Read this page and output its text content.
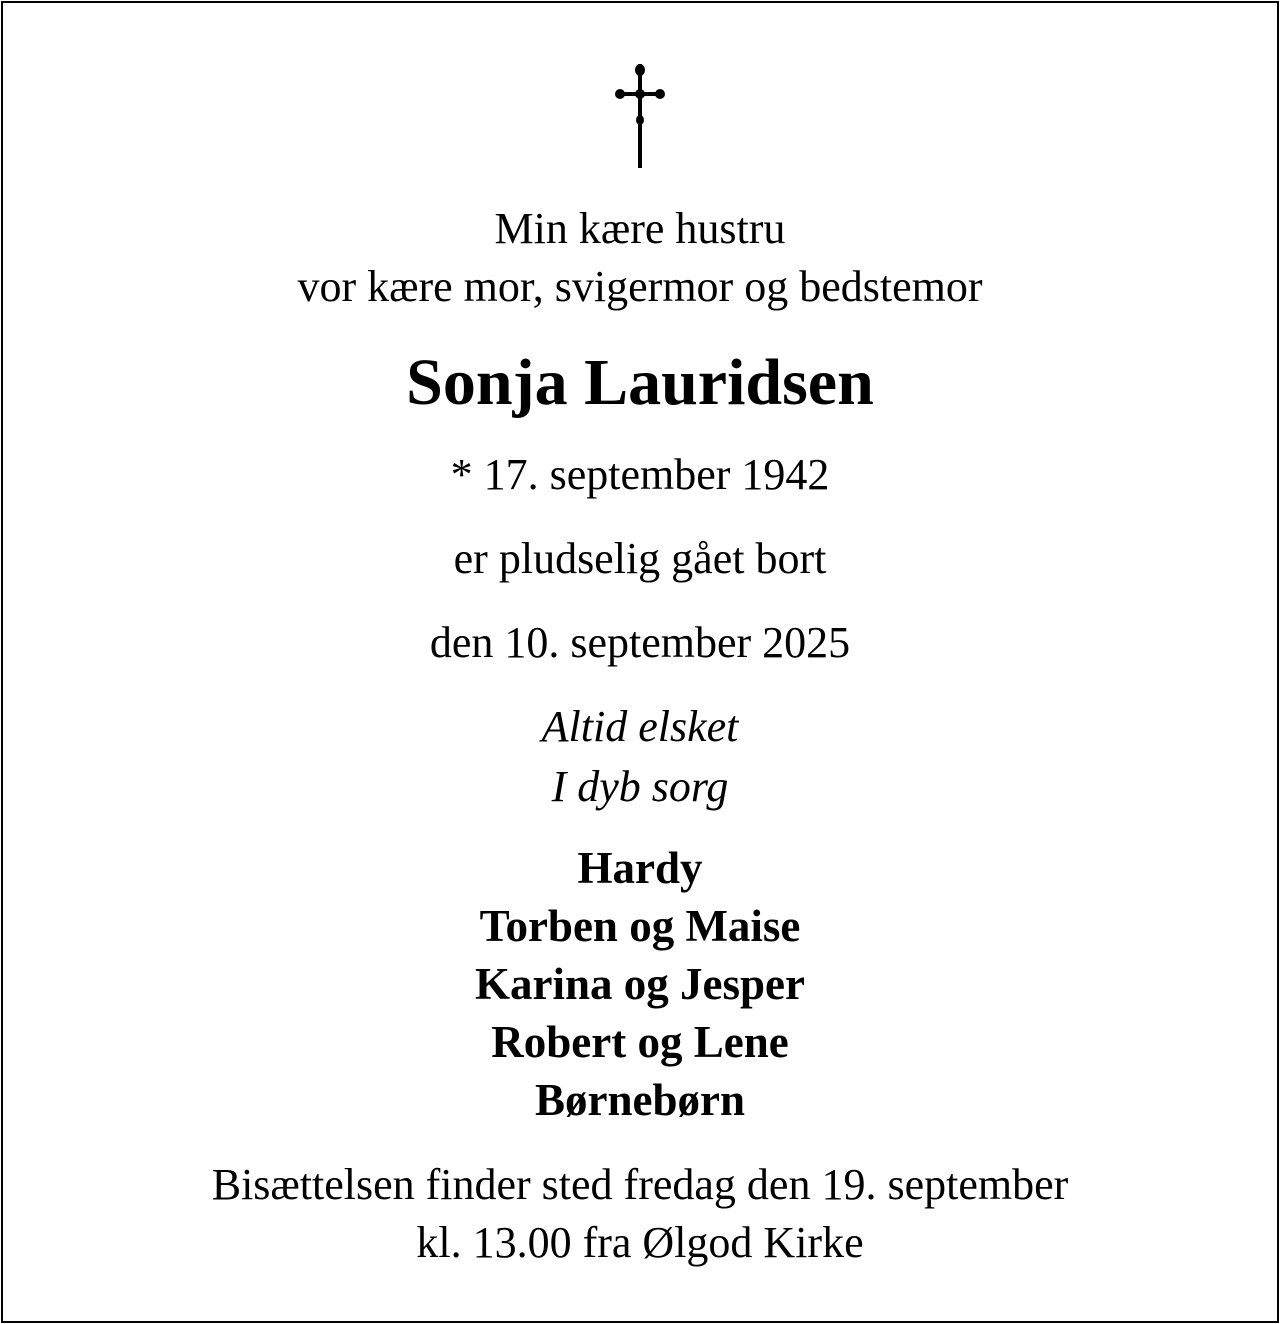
Min kære hustru
vor kære mor, svigermor og bedstemor
Sonja Lauridsen
* 17. september 1942
er pludselig gået bort
den 10. september 2025
Altid elsket
I dyb sorg
Hardy
Torben og Maise
Karina og Jesper
Robert og Lene
Børnebørn
Bisættelsen finder sted fredag den 19. september
kl. 13.00 fra Ølgod Kirke
